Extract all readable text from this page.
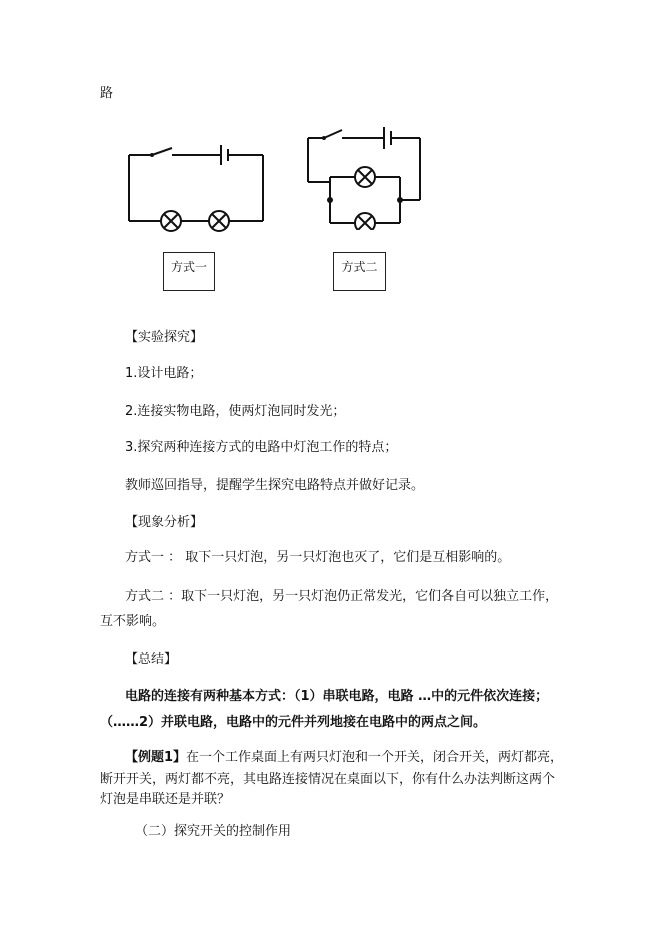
路
方式一	方式二
【实验探究】
1.设计电路；
2.连接实物电路，使两灯泡同时发光；
3.探究两种连接方式的电路中灯泡工作的特点；
教师巡回指导，提醒学生探究电路特点并做好记录。
【现象分析】
方式一 ： 取下一只灯泡，另一只灯泡也灭了，它们是互相影响的。
方式二 ：取下一只灯泡，另一只灯泡仍正常发光，它们各自可以独立工作，
互不影响。
【总结】
电路的连接有两种基本方式：（1）串联电路，电路 …中的元件依次连接；
（……2）并联电路，电路中的元件并列地接在电路中的两点之间。
【例题1】在一个工作桌面上有两只灯泡和一个开关，闭合开关，两灯都亮，
断开开关，两灯都不亮，其电路连接情况在桌面以下，你有什么办法判断这两个
灯泡是串联还是并联？
（二）探究开关的控制作用
